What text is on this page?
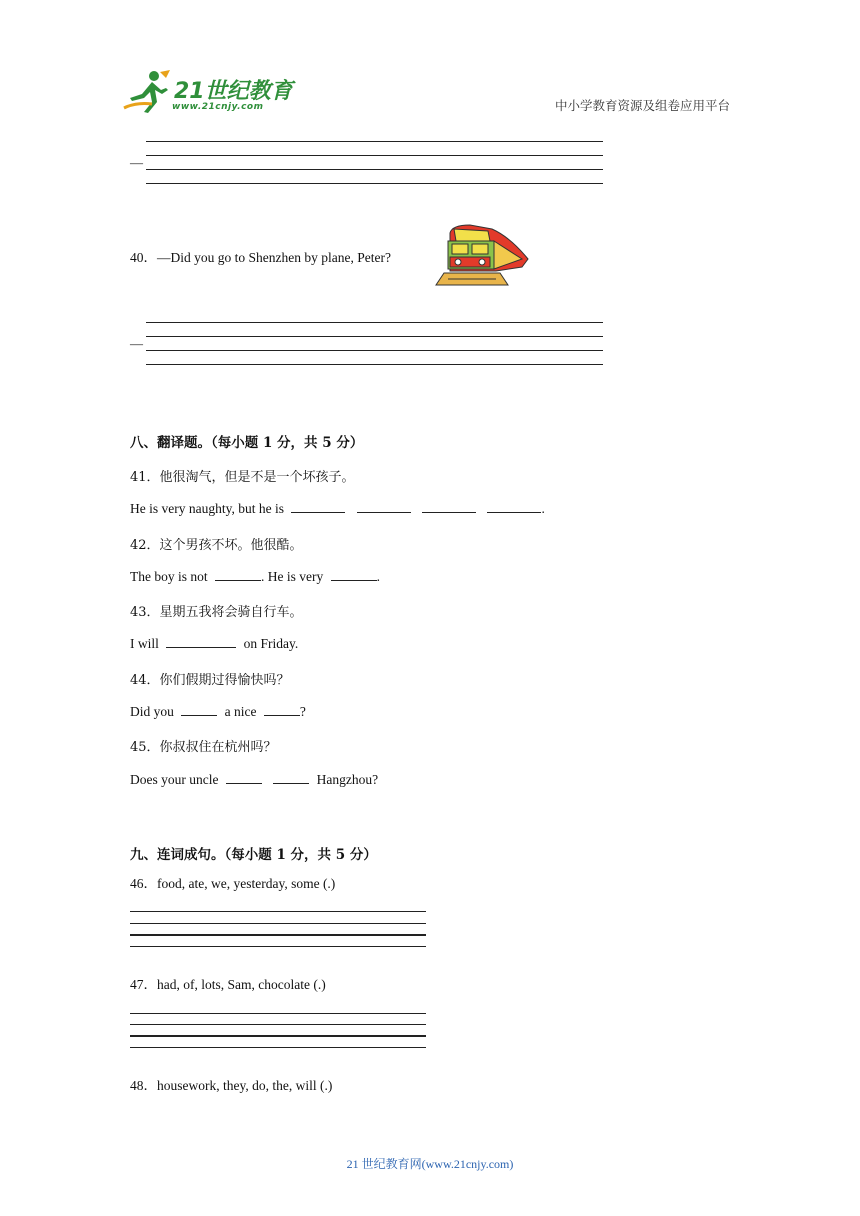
21世纪教育
www.21cnjy.com	中小学教育资源及组卷应用平台
—
40．—Did you go to Shenzhen by plane, Peter?
—
八、翻译题。（每小题 1 分，共 5 分）
41．他很淘气，但是不是一个坏孩子。
He is very naughty, but he is	.
42．这个男孩不坏。他很酷。
The boy is not	. He is very	.
43．星期五我将会骑自行车。
I will	on Friday.
44．你们假期过得愉快吗？
Did you	a nice	?
45．你叔叔住在杭州吗？
Does your uncle	Hangzhou?
九、连词成句。（每小题 1 分，共 5 分）
46．food, ate, we, yesterday, some (.)
47．had, of, lots, Sam, chocolate (.)
48．housework, they, do, the, will (.)
21 世纪教育网(www.21cnjy.com)
